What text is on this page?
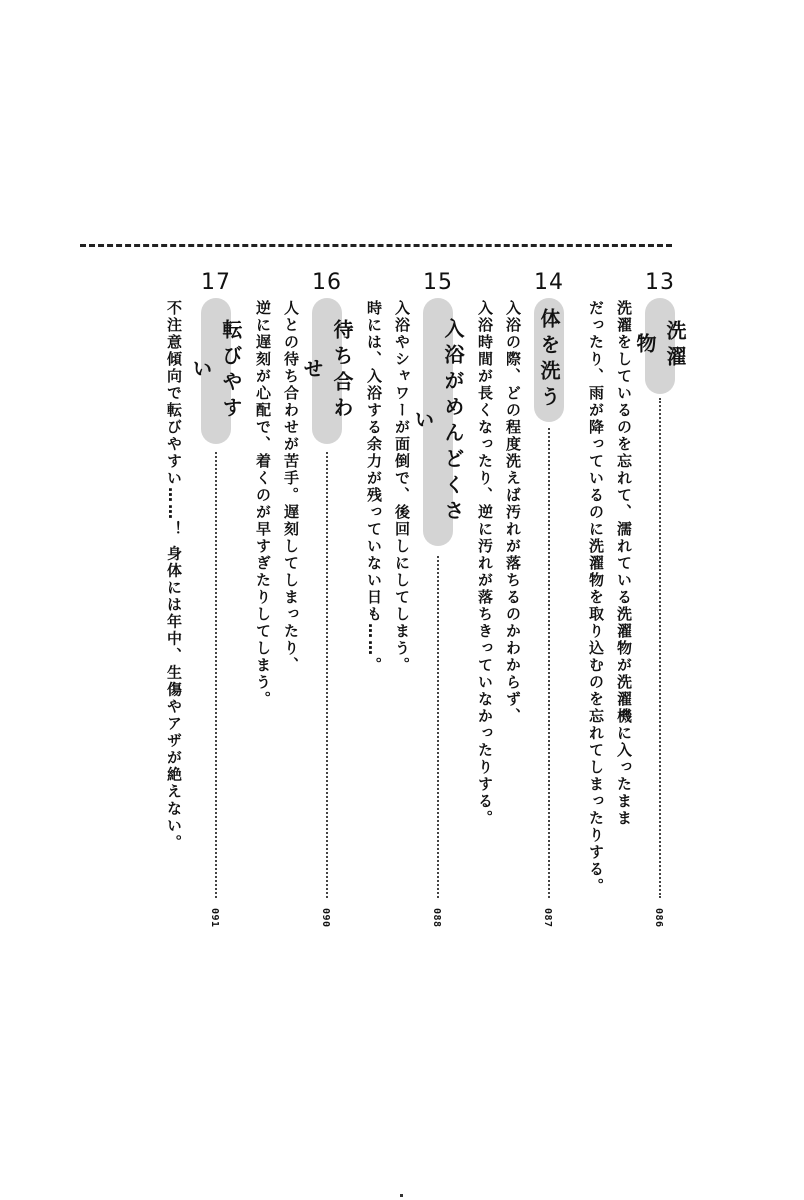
13
洗濯物
洗濯をしているのを忘れて、濡れている洗濯物が洗濯機に入ったまま
だったり、雨が降っているのに洗濯物を取り込むのを忘れてしまったりする。
086
14
体を洗う
入浴の際、どの程度洗えば汚れが落ちるのかわからず、
入浴時間が長くなったり、逆に汚れが落ちきっていなかったりする。
087
15
入浴がめんどくさい
入浴やシャワーが面倒で、後回しにしてしまう。
時には、入浴する余力が残っていない日も……。
088
16
待ち合わせ
人との待ち合わせが苦手。遅刻してしまったり、
逆に遅刻が心配で、着くのが早すぎたりしてしまう。
090
17
転びやすい
不注意傾向で転びやすい……！ 身体には年中、生傷やアザが絶えない。
091
